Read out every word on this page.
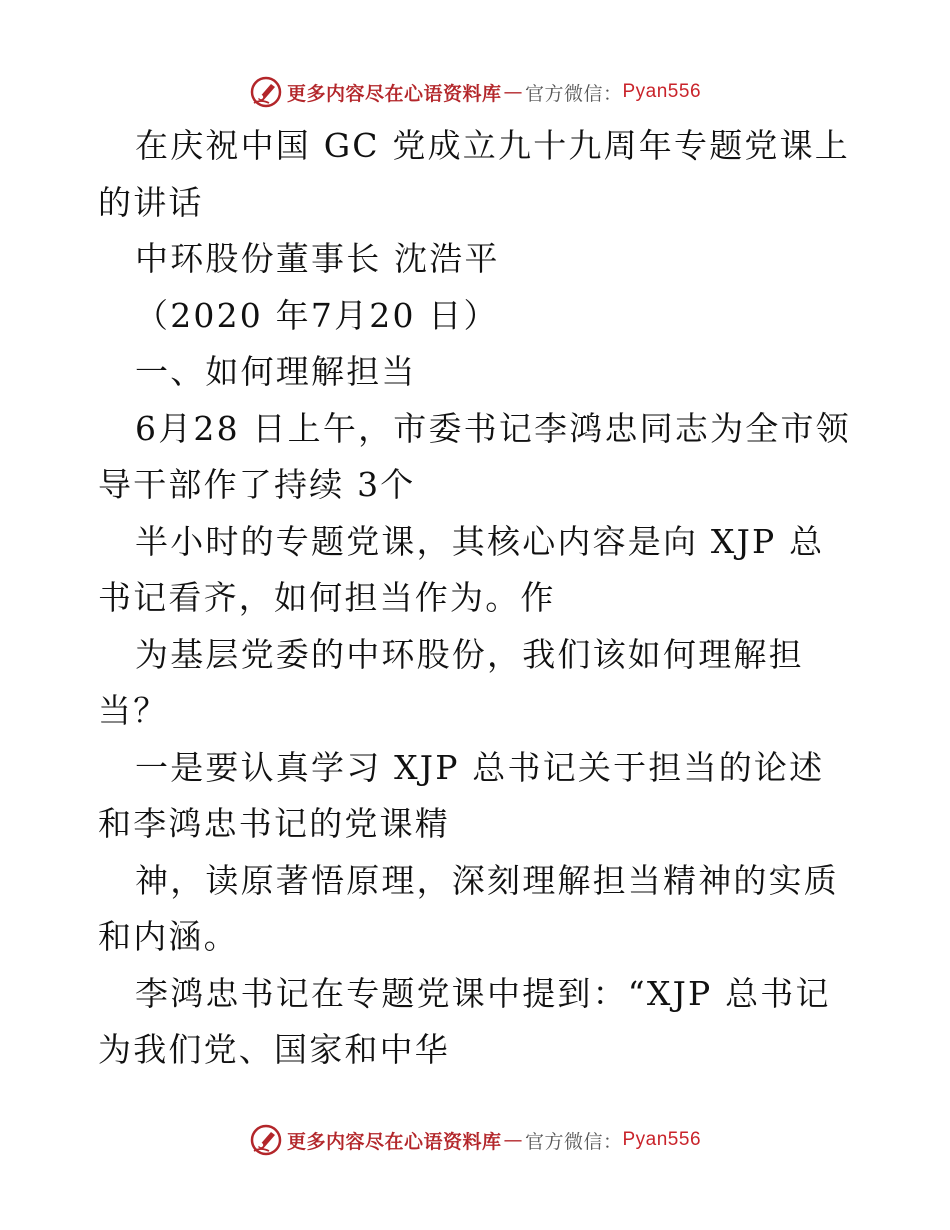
更多内容尽在心语资料库 — 官方微信： Pyan556

在庆祝中国 GC 党成立九十九周年专题党课上的讲话

中环股份董事长 沈浩平

（2020 年7月20 日）

一、如何理解担当

6月28 日上午，市委书记李鸿忠同志为全市领导干部作了持续 3个

半小时的专题党课，其核心内容是向 XJP 总书记看齐，如何担当作为。作

为基层党委的中环股份，我们该如何理解担当？

一是要认真学习 XJP 总书记关于担当的论述和李鸿忠书记的党课精

神，读原著悟原理，深刻理解担当精神的实质和内涵。

李鸿忠书记在专题党课中提到：“XJP 总书记为我们党、国家和中华

更多内容尽在心语资料库 — 官方微信： Pyan556
